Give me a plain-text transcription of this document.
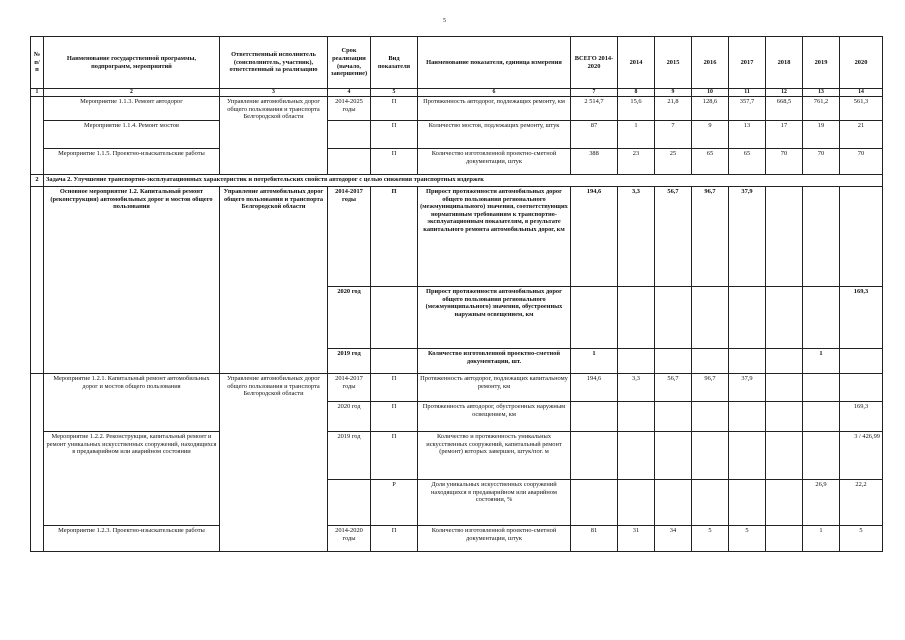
5
№ п/п	Наименование государственной программы, подпрограмм, мероприятий	Ответственный исполнитель (соисполнитель, участник), ответственный за реализацию	Срок реализации (начало, завершение)	Вид показателя	Наименование показателя, единица измерения	ВСЕГО 2014-2020	2014	2015	2016	2017	2018	2019	2020
1	2	3	4	5	6	7	8	9	10	11	12	13	14
	Мероприятие 1.1.3. Ремонт автодорог	Управление автомобильных дорог общего пользования и транспорта Белгородской области	2014-2025 годы	П	Протяженность автодорог, подлежащих ремонту, км	2 514,7	15,6	21,8	128,6	357,7	668,5	761,2	561,3
	Мероприятие 1.1.4. Ремонт мостов			П	Количество мостов, подлежащих ремонту, штук	87	1	7	9	13	17	19	21
	Мероприятие 1.1.5. Проектно-изыскательские работы			П	Количество изготовленной проектно-сметной документации, штук	388	23	25	65	65	70	70	70
2	Задача 2. Улучшение транспортно-эксплуатационных характеристик и потребительских свойств автодорог с целью снижения транспортных издержек												
	Основное мероприятие 1.2. Капитальный ремонт (реконструкция) автомобильных дорог и мостов общего пользования	Управление автомобильных дорог общего пользования и транспорта Белгородской области	2014-2017 годы	П	Прирост протяженности автомобильных дорог общего пользования регионального (межмуниципального) значения, соответствующих нормативным требованиям к транспортно-эксплуатационным показателям, в результате капитального ремонта автомобильных дорог, км	194,6	3,3	56,7	96,7	37,9			
			2020 год		Прирост протяженности автомобильных дорог общего пользования регионального (межмуниципального) значения, обустроенных наружным освещением, км								169,3
			2019 год		Количество изготовленной проектно-сметной документации, шт.	1						1	
	Мероприятие 1.2.1. Капитальный ремонт автомобильных дорог и мостов общего пользования	Управление автомобильных дорог общего пользования и транспорта Белгородской области	2014-2017 годы	П	Протяженность автодорог, подлежащих капитальному ремонту, км	194,6	3,3	56,7	96,7	37,9			
			2020 год	П	Протяженность автодорог, обустроенных наружным освещением, км								169,3
	Мероприятие 1.2.2. Реконструкция, капитальный ремонт и ремонт уникальных искусственных сооружений, находящихся в предаварийном или аварийном состоянии		2019 год	П	Количество и протяженность уникальных искусственных сооружений, капитальный ремонт (ремонт) которых завершен, штук/пог. м								3 / 426,99
				Р	Доля уникальных искусственных сооружений находящихся в предаварийном или аварийном состоянии, %							26,9	22,2
	Мероприятие 1.2.3. Проектно-изыскательские работы		2014-2020 годы	П	Количество изготовленной проектно-сметной документации, штук	81	31	34	5	5		1	5
